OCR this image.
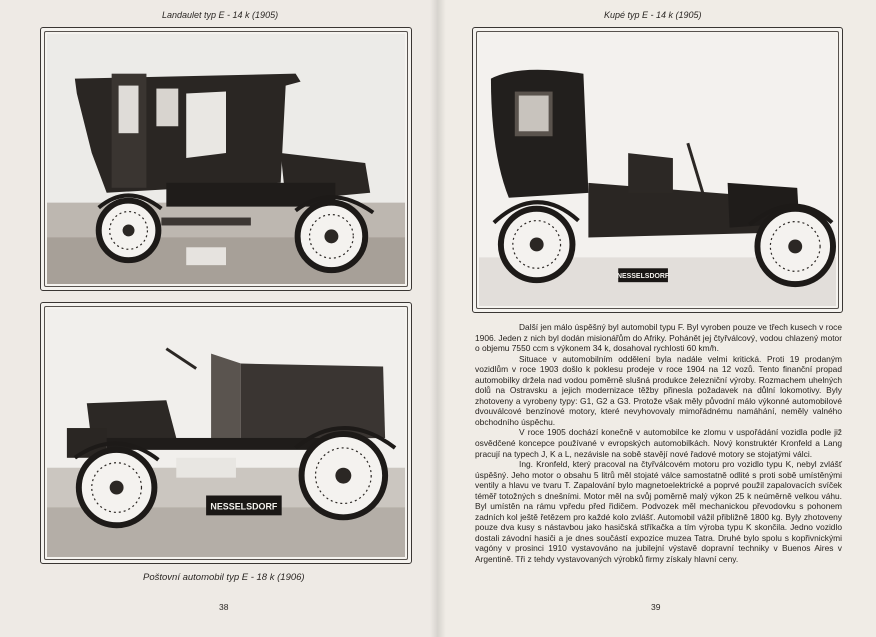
Landaulet typ E - 14 k (1905)
NESSELSDORF
Poštovní automobil typ E - 18 k (1906)
38
Kupé typ E - 14 k (1905)
NESSELSDORF

Další jen málo úspěšný byl automobil typu F. Byl vyroben pouze ve třech kusech v roce 1906. Jeden z nich byl dodán misionářům do Afriky. Pohánět jej čtyřválcový, vodou chlazený motor o objemu 7550 ccm s výkonem 34 k, dosahoval rychlosti 60 km/h.

Situace v automobilním oddělení byla nadále velmi kritická. Proti 19 prodaným vozidlům v roce 1903 došlo k poklesu prodeje v roce 1904 na 12 vozů. Tento finanční propad automobilky držela nad vodou poměrně slušná produkce železniční výroby. Rozmachem uhelných dolů na Ostravsku a jejich modernizace těžby přinesla požadavek na důlní lokomotivy. Byly zhotoveny a vyrobeny typy: G1, G2 a G3. Protože však měly původní málo výkonné automobilové dvouválcové benzínové motory, které nevyhovovaly mimořádnému namáhání, neměly valného obchodního úspěchu.

V roce 1905 dochází konečně v automobilce ke zlomu v uspořádání vozidla podle již osvědčené koncepce používané v evropských automobilkách. Nový konstruktér Kronfeld a Lang pracují na typech J, K a L, nezávisle na sobě stavějí nové řadové motory se stojatými válci.

Ing. Kronfeld, který pracoval na čtyřválcovém motoru pro vozidlo typu K, nebyl zvlášť úspěšný. Jeho motor o obsahu 5 litrů měl stojaté válce samostatně odlité s proti sobě umístěnými ventily a hlavu ve tvaru T. Zapalování bylo magnetoelektrické a poprvé použil zapalovacích svíček téměř totožných s dnešními. Motor měl na svůj poměrně malý výkon 25 k neúměrně velkou váhu. Byl umístěn na rámu vpředu před řidičem. Podvozek měl mechanickou převodovku s pohonem zadních kol ještě řetězem pro každé kolo zvlášť. Automobil vážil přibližně 1800 kg. Byly zhotoveny pouze dva kusy s nástavbou jako hasičská stříkačka a tím výroba typu K skončila. Jedno vozidlo dostali závodní hasiči a je dnes součástí expozice muzea Tatra. Druhé bylo spolu s kopřivnickými vagóny v prosinci 1910 vystavováno na jubilejní výstavě dopravní techniky v Buenos Aires v Argentině. Tři z tehdy vystavovaných výrobků firmy získaly hlavní ceny.

39
